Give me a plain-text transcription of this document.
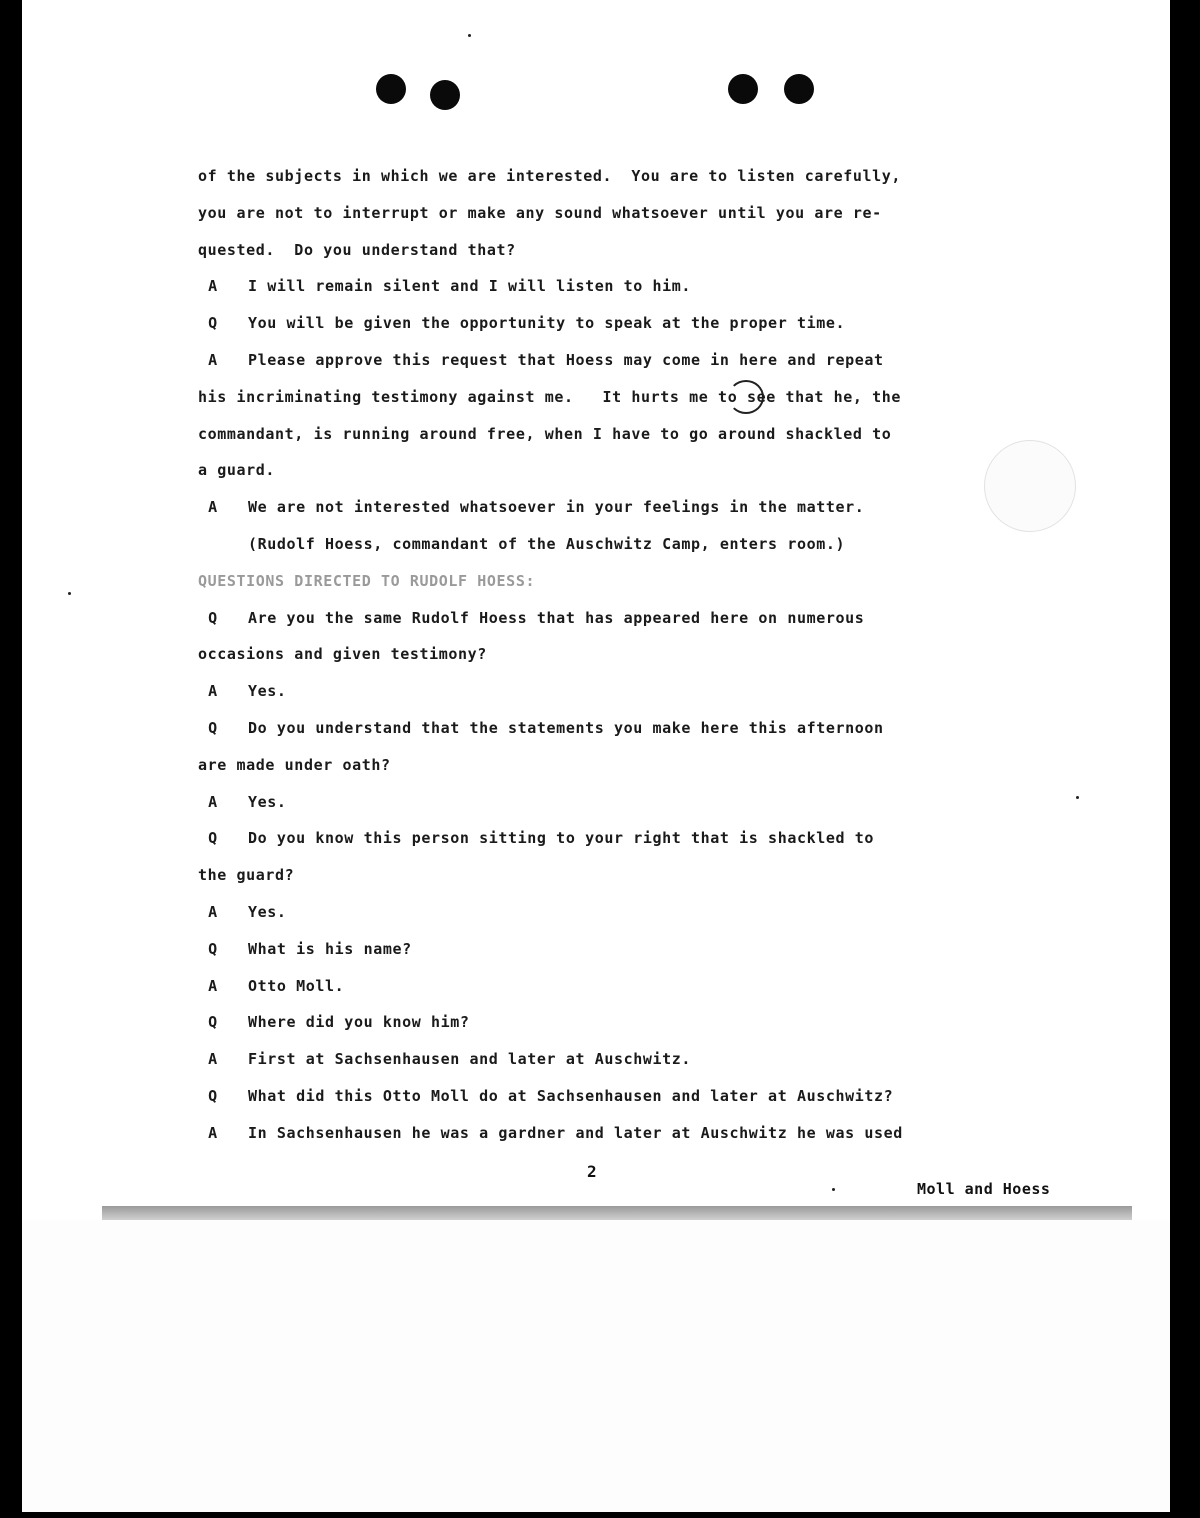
of the subjects in which we are interested.  You are to listen carefully,
you are not to interrupt or make any sound whatsoever until you are re-
quested.  Do you understand that?
A	I will remain silent and I will listen to him.
Q	You will be given the opportunity to speak at the proper time.
A	Please approve this request that Hoess may come in here and repeat
his incriminating testimony against me.   It hurts me to see that he, the
commandant, is running around free, when I have to go around shackled to
a guard.
A	We are not interested whatsoever in your feelings in the matter.
(Rudolf Hoess, commandant of the Auschwitz Camp, enters room.)
QUESTIONS DIRECTED TO RUDOLF HOESS:
Q	Are you the same Rudolf Hoess that has appeared here on numerous
occasions and given testimony?
A	Yes.
Q	Do you understand that the statements you make here this afternoon
are made under oath?
A	Yes.
Q	Do you know this person sitting to your right that is shackled to
the guard?
A	Yes.
Q	What is his name?
A	Otto Moll.
Q	Where did you know him?
A	First at Sachsenhausen and later at Auschwitz.
Q	What did this Otto Moll do at Sachsenhausen and later at Auschwitz?
A	In Sachsenhausen he was a gardner and later at Auschwitz he was used
2
Moll and Hoess
